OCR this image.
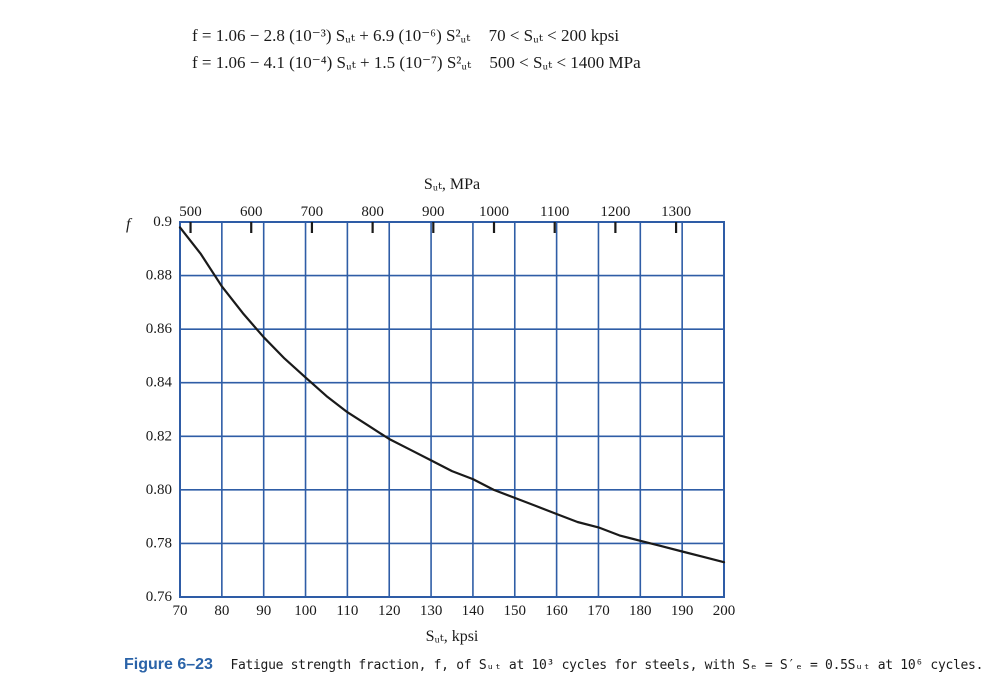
f = 1.06 − 2.8 (10⁻³) Sᵤₜ + 6.9 (10⁻⁶) S²ᵤₜ 70 < Sᵤₜ < 200 kpsi
f = 1.06 − 4.1 (10⁻⁴) Sᵤₜ + 1.5 (10⁻⁷) S²ᵤₜ 500 < Sᵤₜ < 1400 MPa
70 80 90 100 110 120 130 140 150 160 170 180 190 200
0.76
0.78
0.80
0.82
0.84
0.86
0.88
0.9
500	600	700	800	900 1000 1100 1200 1300
Sᵤₜ, MPa
Sᵤₜ, kpsi
f
Figure 6–23 Fatigue strength fraction, f, of Sᵤₜ at 10³ cycles for steels, with Sₑ = S′ₑ = 0.5Sᵤₜ at 10⁶ cycles.
